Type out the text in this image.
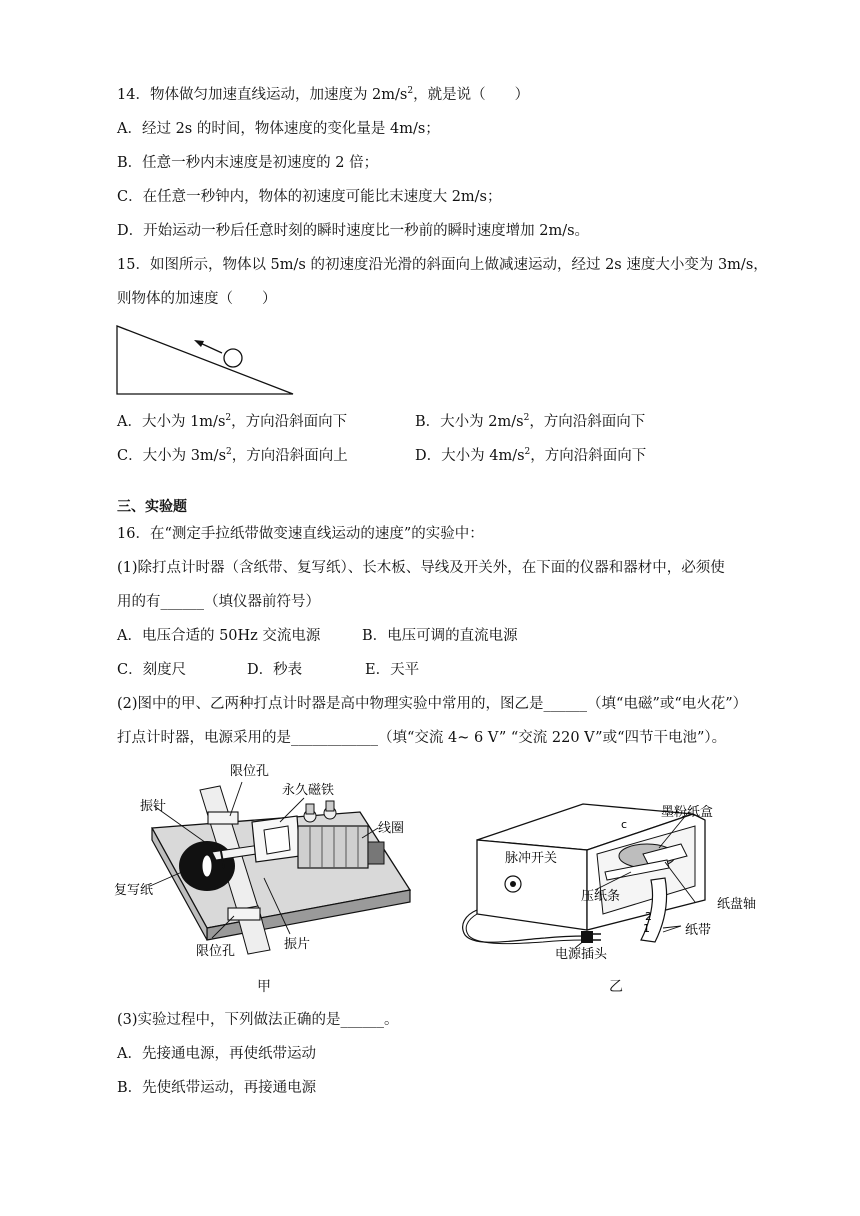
14．物体做匀加速直线运动，加速度为 $2m/s^2$，就是说（　　）
A．经过 2s 的时间，物体速度的变化量是 4m/s；
B．任意一秒内末速度是初速度的 2 倍；
C．在任意一秒钟内，物体的初速度可能比末速度大 2m/s；
D．开始运动一秒后任意时刻的瞬时速度比一秒前的瞬时速度增加 2m/s。
15．如图所示，物体以 5m/s 的初速度沿光滑的斜面向上做减速运动，经过 2s 速度大小变为 3m/s，
则物体的加速度（　　）
A．大小为 $1m/s^2$，方向沿斜面向下	B．大小为 $2m/s^2$，方向沿斜面向下
C．大小为 $3m/s^2$，方向沿斜面向上	D．大小为 $4m/s^2$，方向沿斜面向下
三、实验题
16．在“测定手拉纸带做变速直线运动的速度”的实验中：
(1)除打点计时器（含纸带、复写纸）、长木板、导线及开关外，在下面的仪器和器材中，必须使
用的有______（填仪器前符号）
A．电压合适的 50Hz 交流电源	B．电压可调的直流电源
C．刻度尺	D．秒表	E．天平
(2)图中的甲、乙两种打点计时器是高中物理实验中常用的，图乙是______（填“电磁”或“电火花”）
打点计时器，电源采用的是____________（填“交流 4~ 6 V” “交流 220 V”或“四节干电池”）。
限位孔
永久磁铁
振针
线圈
复写纸
限位孔	振片
甲
c
墨粉纸盒
脉冲开关
压纸条
纸盘轴
纸带
电源插头
2
1
乙
(3)实验过程中，下列做法正确的是______。
A．先接通电源，再使纸带运动
B．先使纸带运动，再接通电源
